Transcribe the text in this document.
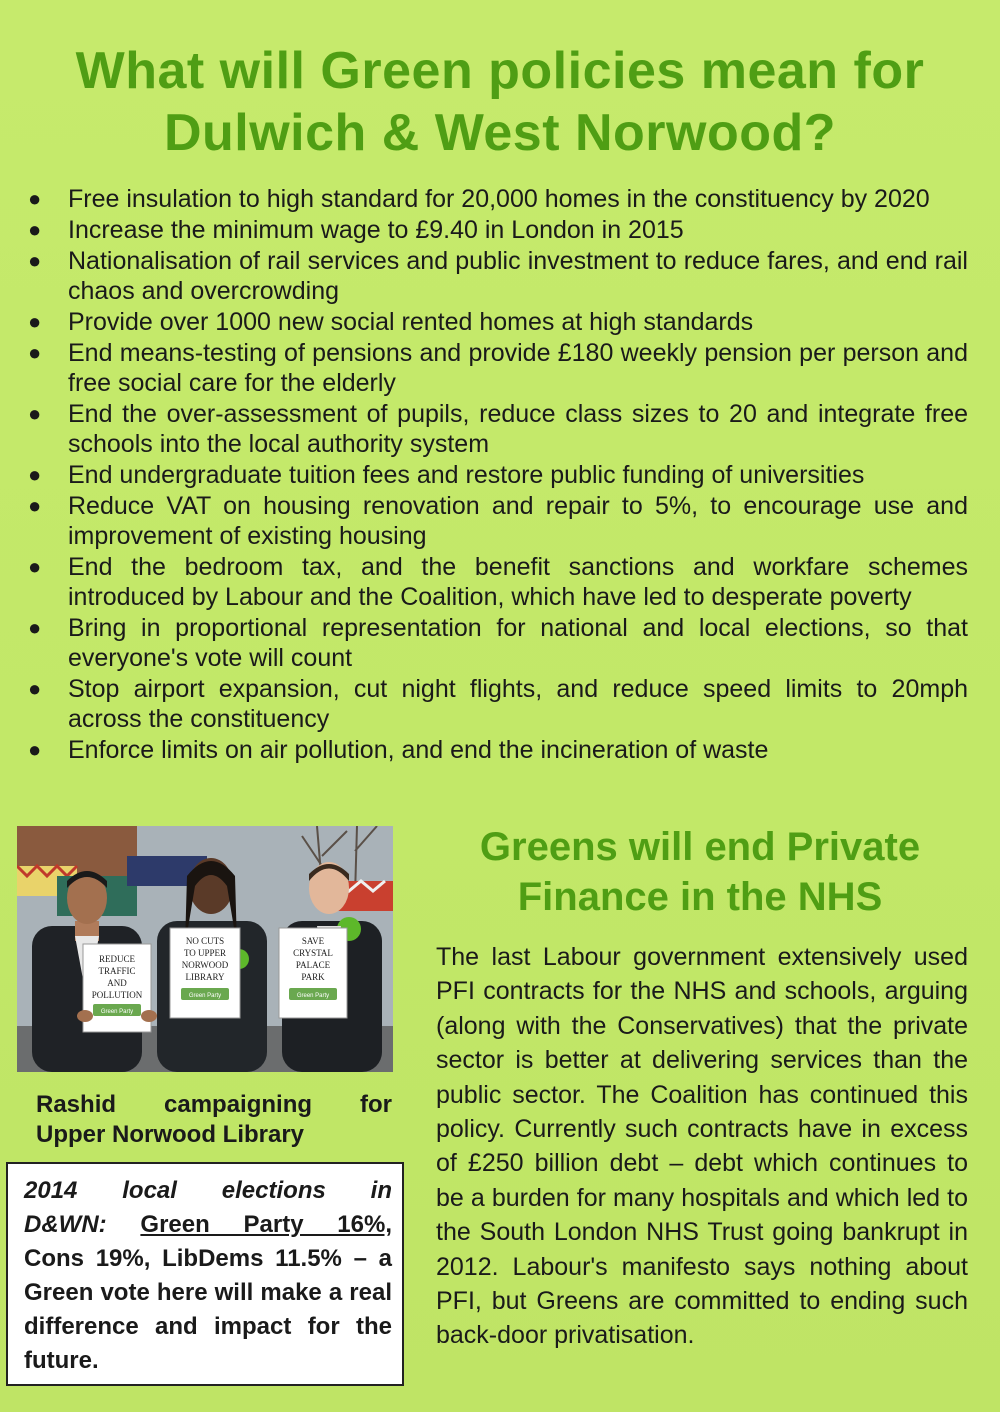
What will Green policies mean for
Dulwich & West Norwood?
● Free insulation to high standard for 20,000 homes in the constituency by 2020
● Increase the minimum wage to £9.40 in London in 2015
● Nationalisation of rail services and public investment to reduce fares, and end rail chaos and overcrowding
● Provide over 1000 new social rented homes at high standards
● End means-testing of pensions and provide £180 weekly pension per person and free social care for the elderly
● End the over-assessment of pupils, reduce class sizes to 20 and integrate free schools into the local authority system
● End undergraduate tuition fees and restore public funding of universities
● Reduce VAT on housing renovation and repair to 5%, to encourage use and improvement of existing housing
● End the bedroom tax, and the benefit sanctions and workfare schemes introduced by Labour and the Coalition, which have led to desperate poverty
● Bring in proportional representation for national and local elections, so that everyone's vote will count
● Stop airport expansion, cut night flights, and reduce speed limits to 20mph across the constituency
● Enforce limits on air pollution, and end the incineration of waste
REDUCE
TRAFFIC
AND
POLLUTION
Green Party
NO CUTS
TO UPPER
NORWOOD
LIBRARY
Green Party
SAVE
CRYSTAL
PALACE
PARK
Green Party
Rashid campaigning for
Upper Norwood Library
2014 local elections in
D&WN: Green Party 16%,
Cons 19%, LibDems 11.5% – a Green vote here will make a real difference and impact for the future.
Greens will end Private
Finance in the NHS

The last Labour government extensively used PFI contracts for the NHS and schools, arguing (along with the Conservatives) that the private sector is better at delivering services than the public sector. The Coalition has continued this policy. Currently such contracts have in excess of £250 billion debt – debt which continues to be a burden for many hospitals and which led to the South London NHS Trust going bankrupt in 2012. Labour's manifesto says nothing about PFI, but Greens are committed to ending such back-door privatisation.
